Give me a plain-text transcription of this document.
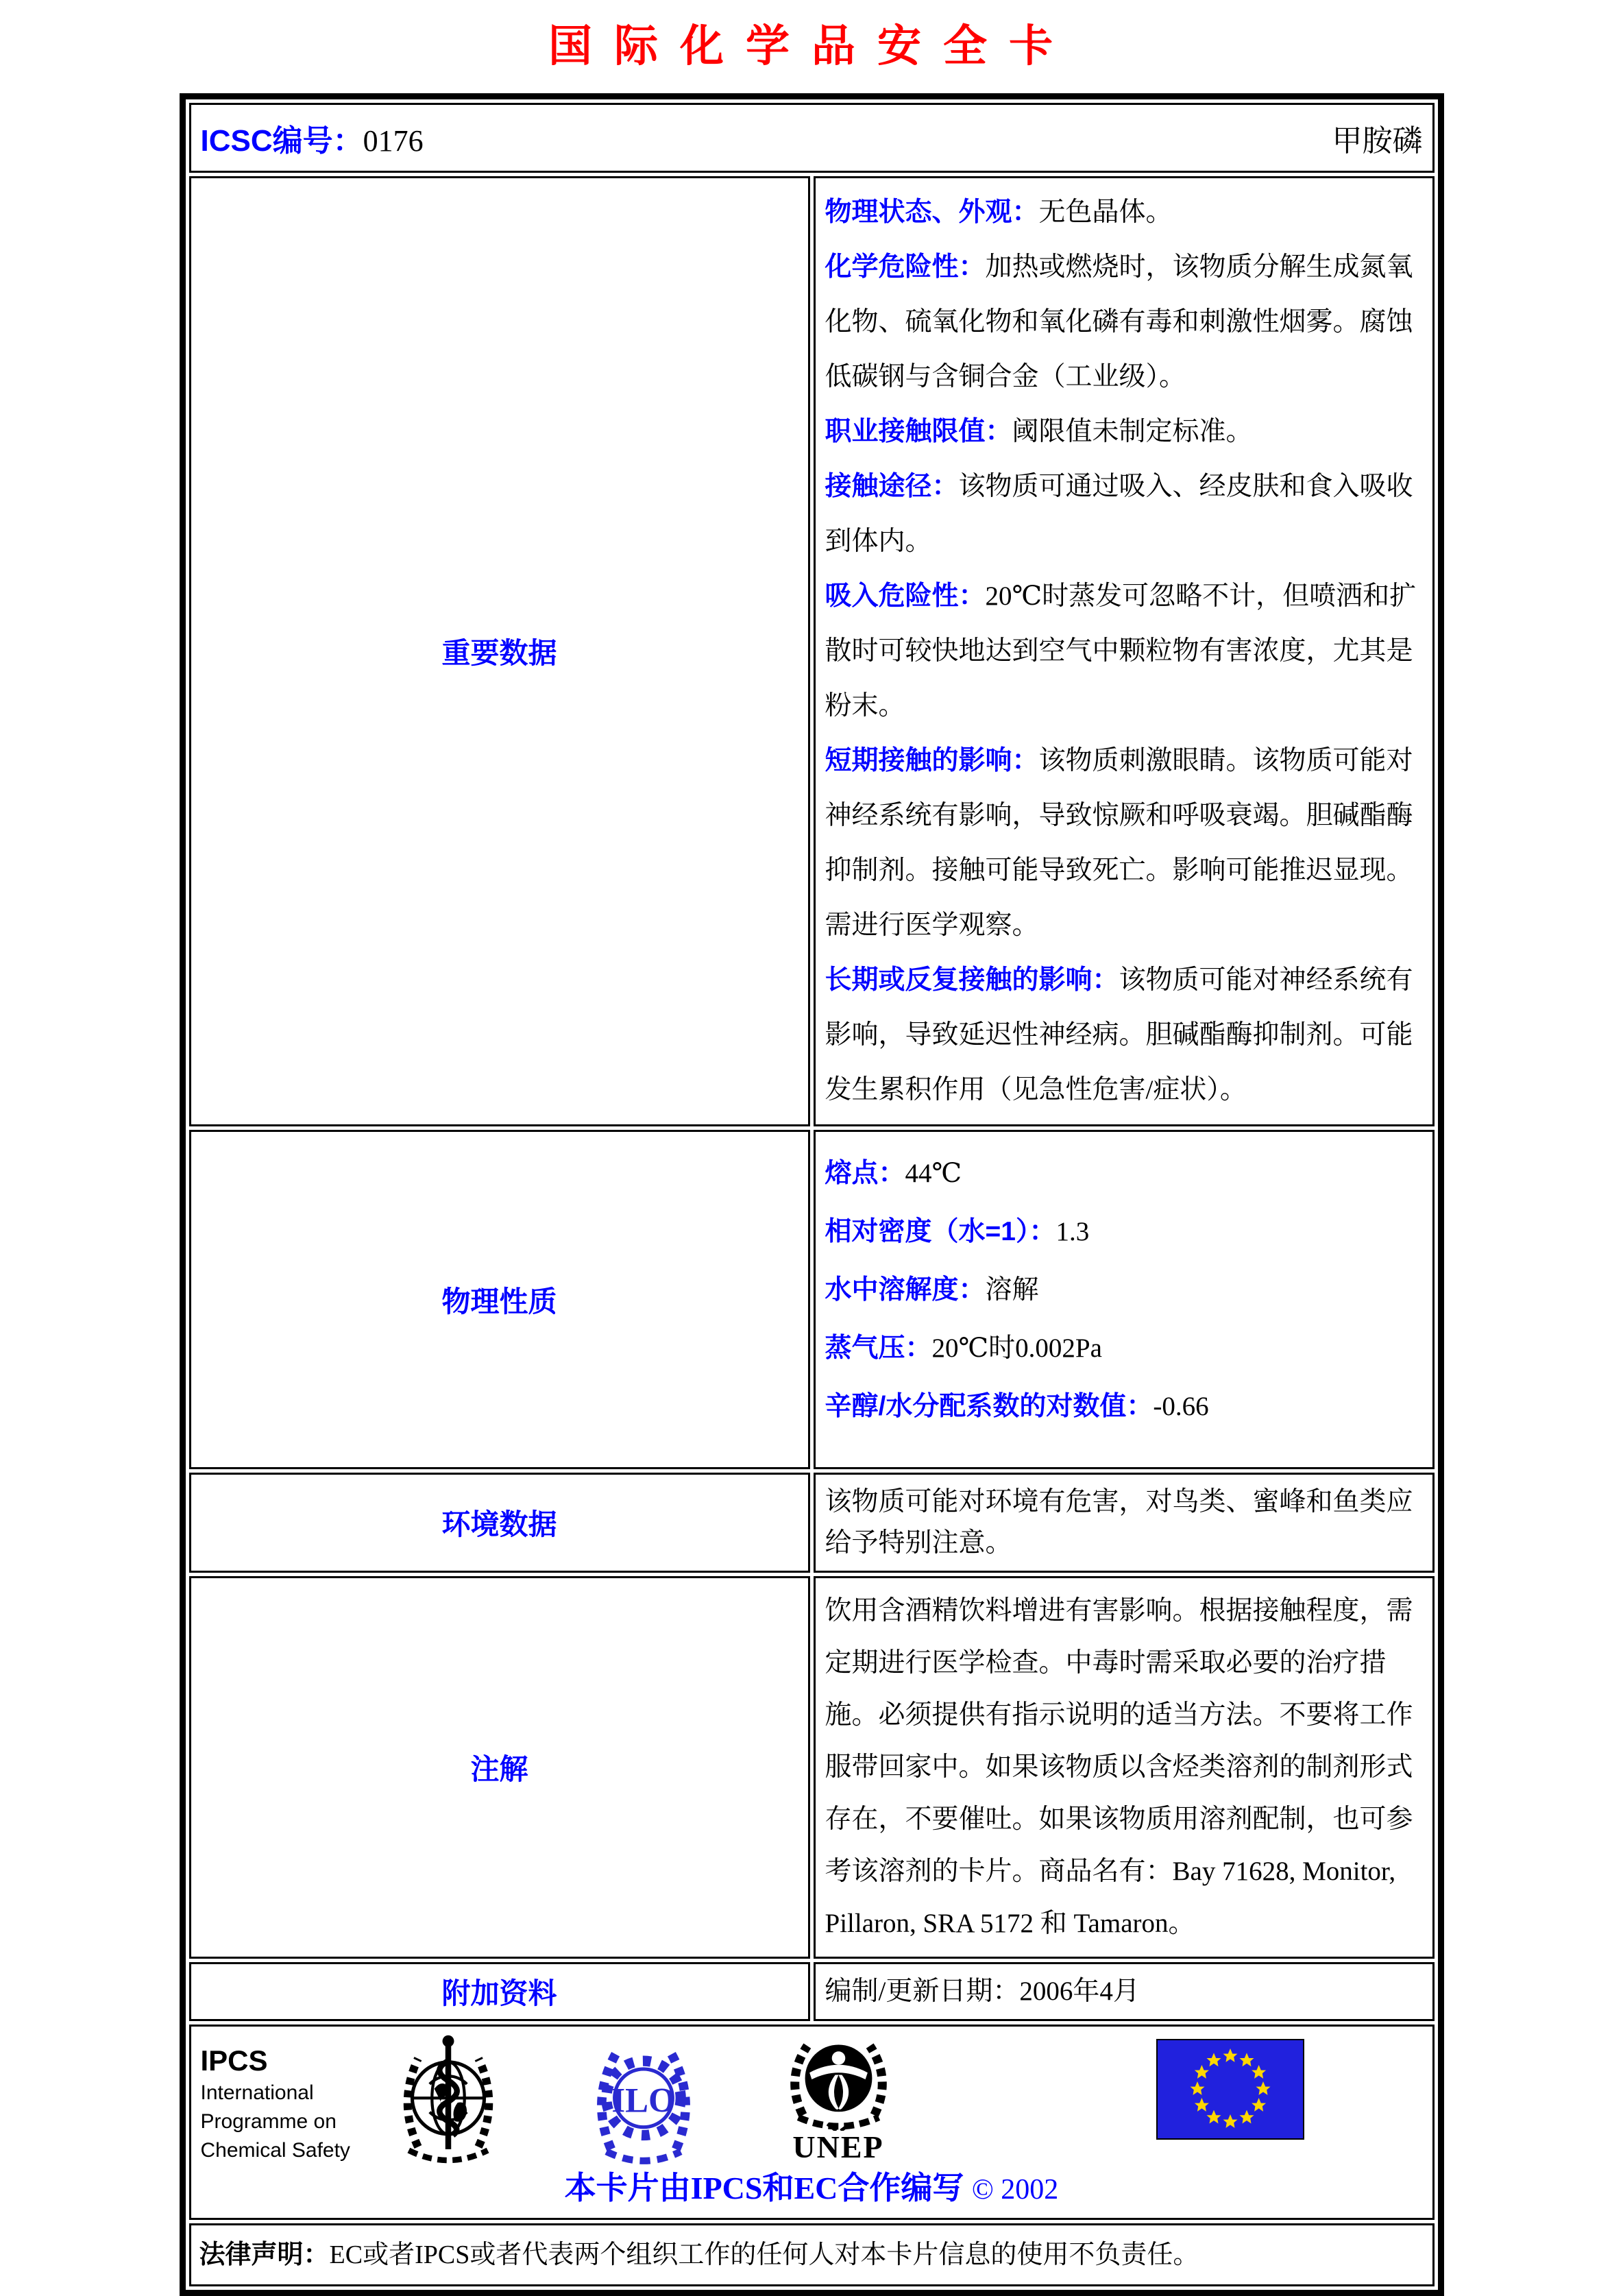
国际化学品安全卡
ICSC编号：0176 甲胺磷	

重要数据	
物理状态、外观：无色晶体。
化学危险性：加热或燃烧时，该物质分解生成氮氧化物、硫氧化物和氧化磷有毒和刺激性烟雾。腐蚀低碳钢与含铜合金（工业级）。
职业接触限值：阈限值未制定标准。
接触途径：该物质可通过吸入、经皮肤和食入吸收到体内。
吸入危险性：20℃时蒸发可忽略不计，但喷洒和扩散时可较快地达到空气中颗粒物有害浓度，尤其是粉末。
短期接触的影响：该物质刺激眼睛。该物质可能对神经系统有影响，导致惊厥和呼吸衰竭。胆碱酯酶抑制剂。接触可能导致死亡。影响可能推迟显现。需进行医学观察。
长期或反复接触的影响：该物质可能对神经系统有影响，导致延迟性神经病。胆碱酯酶抑制剂。可能发生累积作用（见急性危害/症状）。

物理性质	熔点：44℃
相对密度（水=1）：1.3
水中溶解度：溶解
蒸气压：20℃时0.002Pa
辛醇/水分配系数的对数值：-0.66

环境数据	该物质可能对环境有危害，对鸟类、蜜峰和鱼类应给予特别注意。
注解	饮用含酒精饮料增进有害影响。根据接触程度，需定期进行医学检查。中毒时需采取必要的治疗措施。必须提供有指示说明的适当方法。不要将工作服带回家中。如果该物质以含烃类溶剂的制剂形式存在，不要催吐。如果该物质用溶剂配制，也可参考该溶剂的卡片。商品名有：Bay 71628, Monitor, Pillaron, SRA 5172 和 Tamaron。
附加资料	编制/更新日期：2006年4月

IPCS
International
Programme on
Chemical Safety
ILO
UNEP
本卡片由IPCS和EC合作编写 © 2002

法律声明：EC或者IPCS或者代表两个组织工作的任何人对本卡片信息的使用不负责任。	
